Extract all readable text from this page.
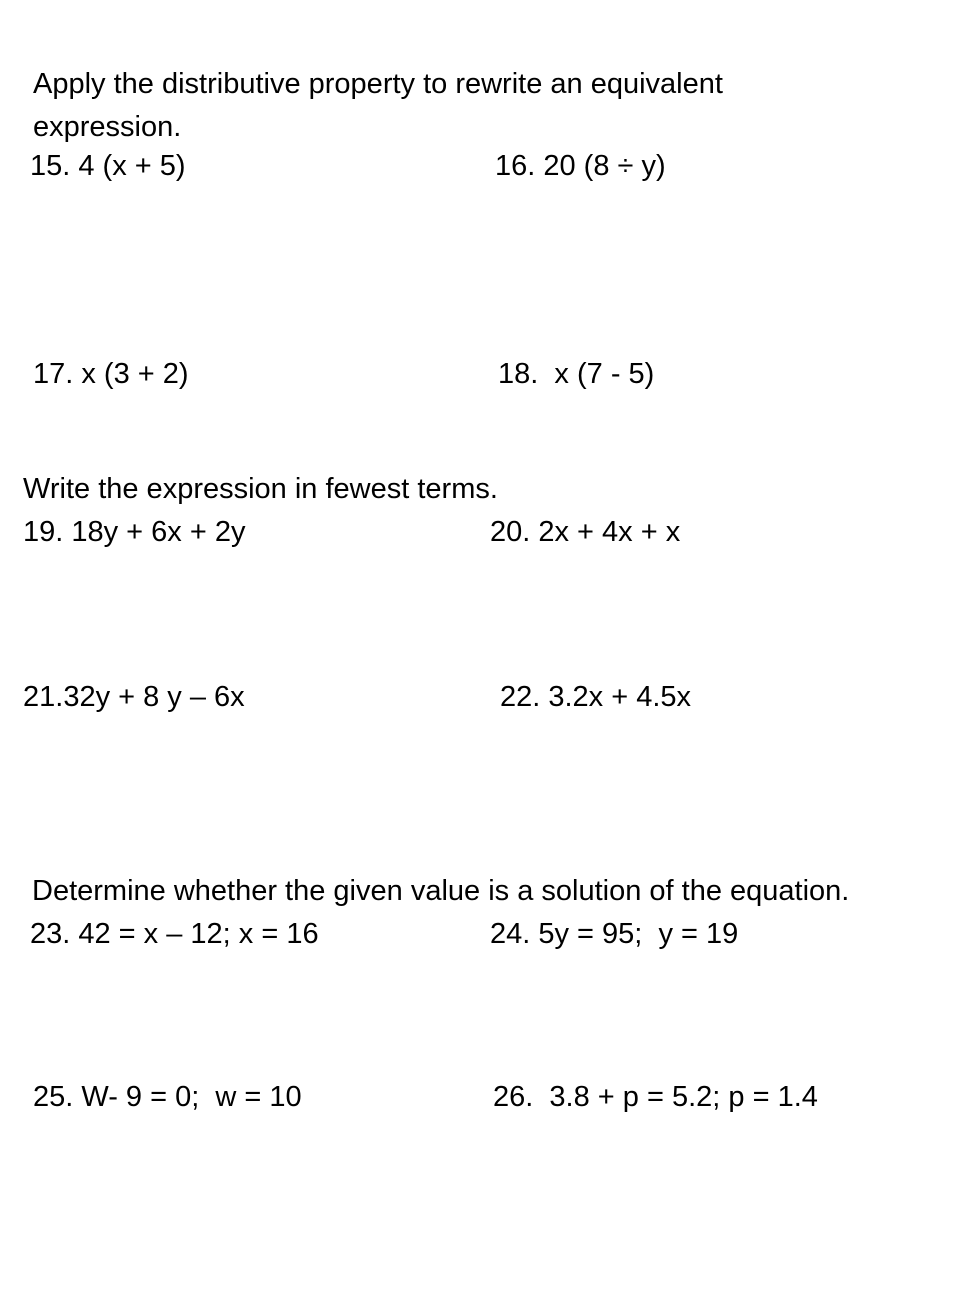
Apply the distributive property to rewrite an equivalent expression.
15. 4 (x + 5)	16. 20 (8 ÷ y)
17. x (3 + 2)	18.  x (7 - 5)
Write the expression in fewest terms.
19. 18y + 6x + 2y	20. 2x + 4x + x
21.32y + 8 y – 6x	22. 3.2x + 4.5x
Determine whether the given value is a solution of the equation.
23. 42 = x – 12; x = 16	24. 5y = 95;  y = 19
25. W- 9 = 0;  w = 10	26.  3.8 + p = 5.2; p = 1.4
